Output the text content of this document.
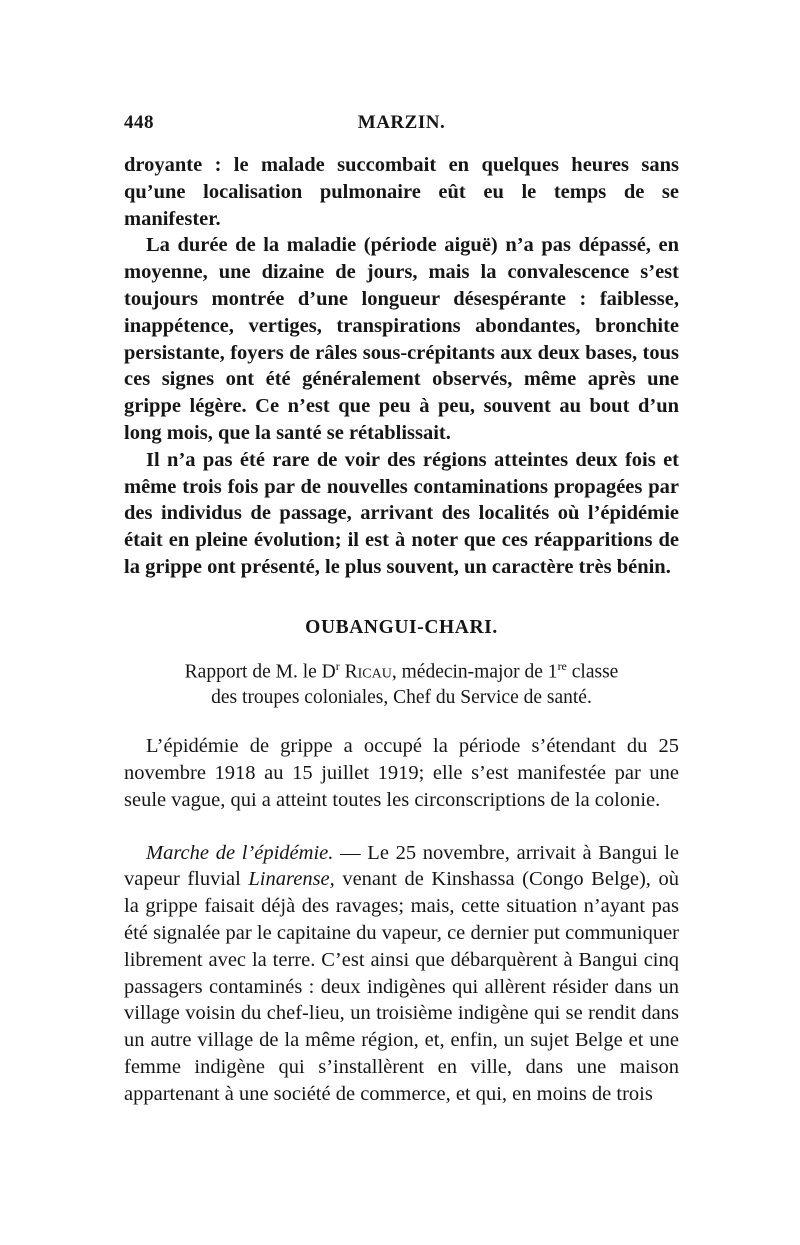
448	MARZIN.

droyante : le malade succombait en quelques heures sans qu’une localisation pulmonaire eût eu le temps de se manifester.

La durée de la maladie (période aiguë) n’a pas dépassé, en moyenne, une dizaine de jours, mais la convalescence s’est toujours montrée d’une longueur désespérante : faiblesse, inappétence, vertiges, transpirations abondantes, bronchite persistante, foyers de râles sous-crépitants aux deux bases, tous ces signes ont été généralement observés, même après une grippe légère. Ce n’est que peu à peu, souvent au bout d’un long mois, que la santé se rétablissait.

Il n’a pas été rare de voir des régions atteintes deux fois et même trois fois par de nouvelles contaminations propagées par des individus de passage, arrivant des localités où l’épidémie était en pleine évolution; il est à noter que ces réapparitions de la grippe ont présenté, le plus souvent, un caractère très bénin.

OUBANGUI-CHARI.
Rapport de M. le $D^r$ Ricau, médecin-major de 1re classe
des troupes coloniales, Chef du Service de santé.

L’épidémie de grippe a occupé la période s’étendant du 25 novembre 1918 au 15 juillet 1919; elle s’est manifestée par une seule vague, qui a atteint toutes les circonscriptions de la colonie.

Marche de l’épidémie. — Le 25 novembre, arrivait à Bangui le vapeur fluvial Linarense, venant de Kinshassa (Congo Belge), où la grippe faisait déjà des ravages; mais, cette situation n’ayant pas été signalée par le capitaine du vapeur, ce dernier put communiquer librement avec la terre. C’est ainsi que débarquèrent à Bangui cinq passagers contaminés : deux indigènes qui allèrent résider dans un village voisin du chef-lieu, un troisième indigène qui se rendit dans un autre village de la même région, et, enfin, un sujet Belge et une femme indigène qui s’installèrent en ville, dans une maison appartenant à une société de commerce, et qui, en moins de trois
